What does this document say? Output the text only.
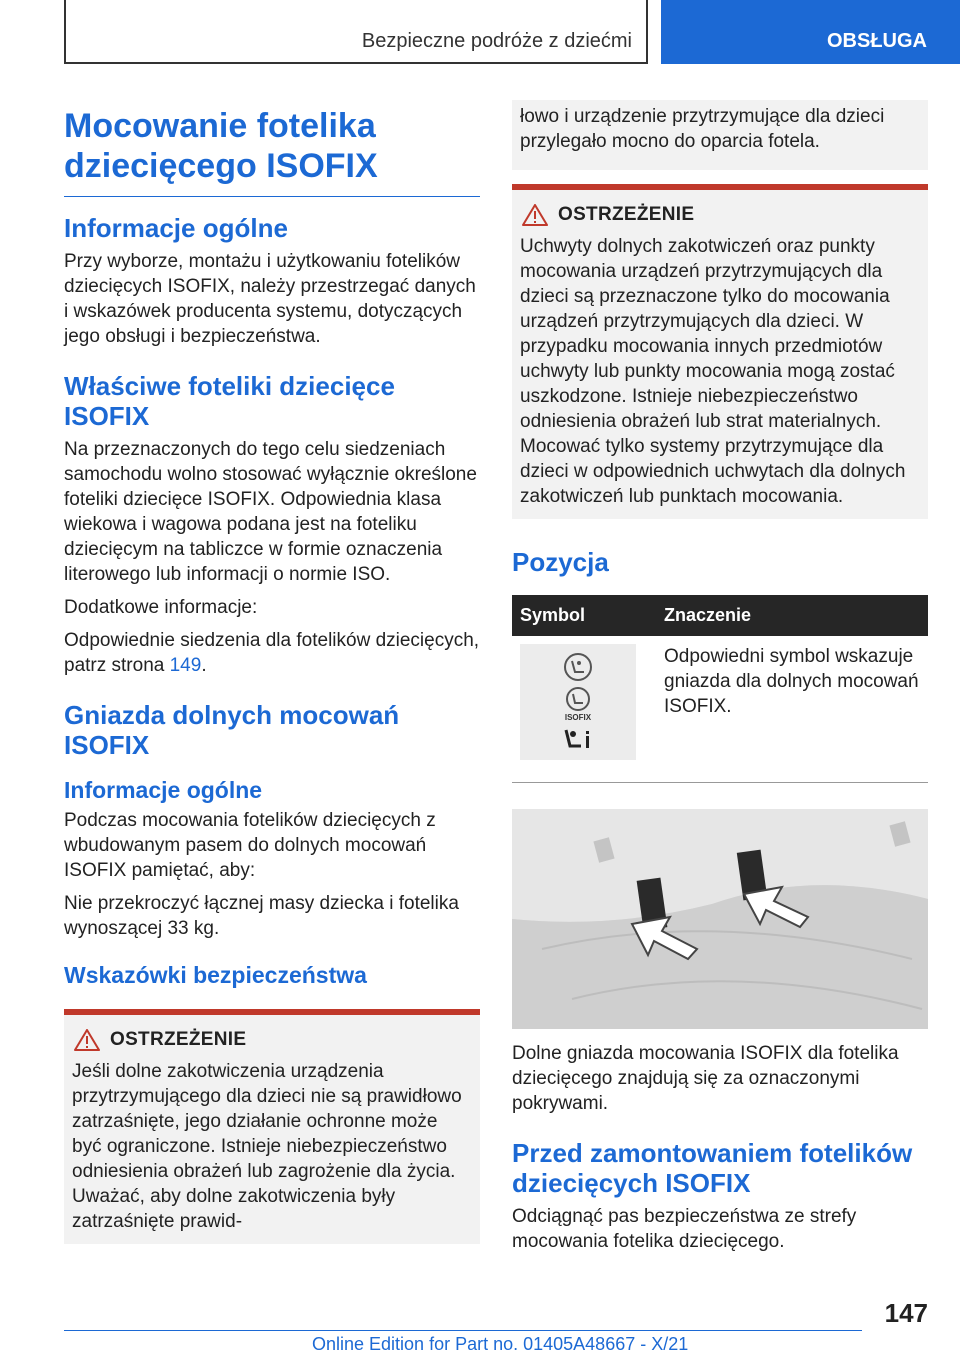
Bezpieczne podróże z dziećmi	OBSŁUGA
Mocowanie fotelika
dziecięcego ISOFIX
Informacje ogólne

Przy wyborze, montażu i użytkowaniu fotelików dziecięcych ISOFIX, należy przestrzegać danych i wskazówek producenta systemu, dotyczących jego obsługi i bezpieczeństwa.

Właściwe foteliki dziecięce ISOFIX

Na przeznaczonych do tego celu siedzeniach samochodu wolno stosować wyłącznie określone foteliki dziecięce ISOFIX. Odpowiednia klasa wiekowa i wagowa podana jest na foteliku dziecięcym na tabliczce w formie oznaczenia literowego lub informacji o normie ISO.

Dodatkowe informacje:

Odpowiednie siedzenia dla fotelików dziecięcych, patrz strona 149.

Gniazda dolnych mocowań ISOFIX
Informacje ogólne

Podczas mocowania fotelików dziecięcych z wbudowanym pasem do dolnych mocowań ISOFIX pamiętać, aby:

Nie przekroczyć łącznej masy dziecka i fotelika wynoszącej 33 kg.

Wskazówki bezpieczeństwa
OSTRZEŻENIE

Jeśli dolne zakotwiczenia urządzenia przytrzymującego dla dzieci nie są prawidłowo zatrzaśnięte, jego działanie ochronne może być ograniczone. Istnieje niebezpieczeństwo odniesienia obrażeń lub zagrożenie dla życia. Uważać, aby dolne zakotwiczenia były zatrzaśnięte prawid-

łowo i urządzenie przytrzymujące dla dzieci przylegało mocno do oparcia fotela.

OSTRZEŻENIE

Uchwyty dolnych zakotwiczeń oraz punkty mocowania urządzeń przytrzymujących dla dzieci są przeznaczone tylko do mocowania urządzeń przytrzymujących dla dzieci. W przypadku mocowania innych przedmiotów uchwyty lub punkty mocowania mogą zostać uszkodzone. Istnieje niebezpieczeństwo odniesienia obrażeń lub strat materialnych. Mocować tylko systemy przytrzymujące dla dzieci w odpowiednich uchwytach dla dolnych zakotwiczeń lub punktach mocowania.

Pozycja
Symbol	Znaczenie

ISOFIX	Odpowiedni symbol wskazuje gniazda dla dolnych mocowań ISOFIX.

Dolne gniazda mocowania ISOFIX dla fotelika dziecięcego znajdują się za oznaczonymi pokrywami.

Przed zamontowaniem fotelików dziecięcych ISOFIX

Odciągnąć pas bezpieczeństwa ze strefy mocowania fotelika dziecięcego.

147
Online Edition for Part no. 01405A48667 - X/21
